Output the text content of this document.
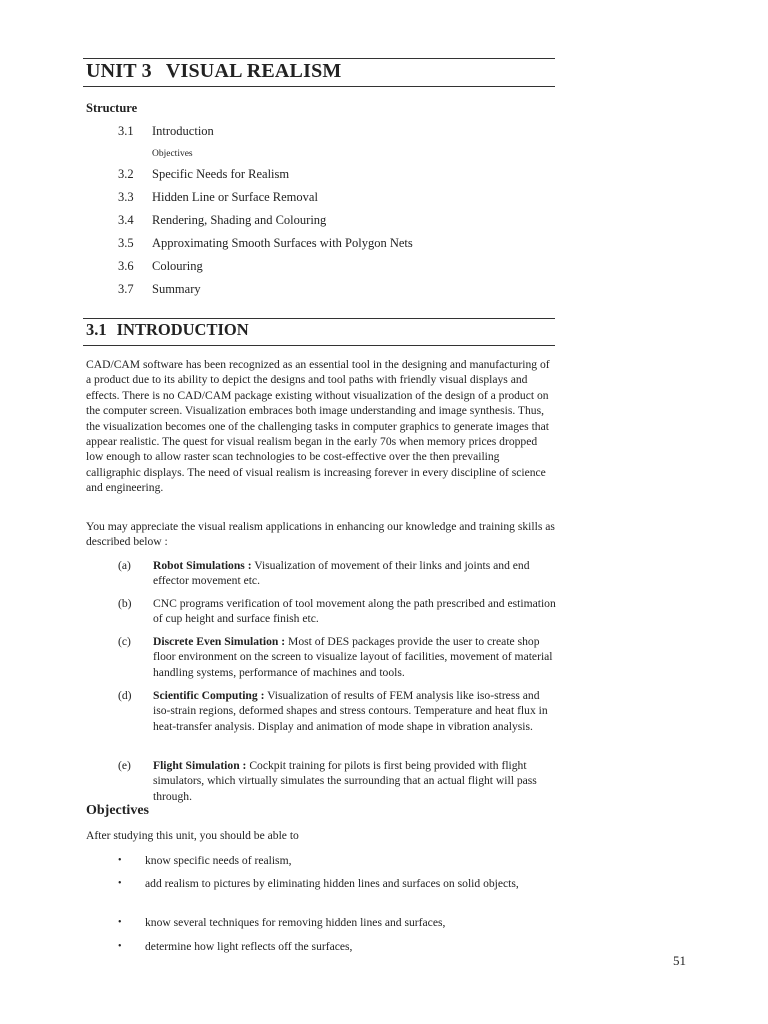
UNIT 3 VISUAL REALISM
Structure
3.1 Introduction
Objectives
3.2 Specific Needs for Realism
3.3 Hidden Line or Surface Removal
3.4 Rendering, Shading and Colouring
3.5 Approximating Smooth Surfaces with Polygon Nets
3.6 Colouring
3.7 Summary
3.1 INTRODUCTION
CAD/CAM software has been recognized as an essential tool in the designing and manufacturing of a product due to its ability to depict the designs and tool paths with friendly visual displays and effects. There is no CAD/CAM package existing without visualization of the design of a product on the computer screen. Visualization embraces both image understanding and image synthesis. Thus, the visualization becomes one of the challenging tasks in computer graphics to generate images that appear realistic. The quest for visual realism began in the early 70s when memory prices dropped low enough to allow raster scan technologies to be cost-effective over the then prevailing calligraphic displays. The need of visual realism is increasing forever in every discipline of science and engineering.
You may appreciate the visual realism applications in enhancing our knowledge and training skills as described below :
(a) Robot Simulations : Visualization of movement of their links and joints and end effector movement etc.
(b) CNC programs verification of tool movement along the path prescribed and estimation of cup height and surface finish etc.
(c) Discrete Even Simulation : Most of DES packages provide the user to create shop floor environment on the screen to visualize layout of facilities, movement of material handling systems, performance of machines and tools.
(d) Scientific Computing : Visualization of results of FEM analysis like iso-stress and iso-strain regions, deformed shapes and stress contours. Temperature and heat flux in heat-transfer analysis. Display and animation of mode shape in vibration analysis.
(e) Flight Simulation : Cockpit training for pilots is first being provided with flight simulators, which virtually simulates the surrounding that an actual flight will pass through.
Objectives
After studying this unit, you should be able to
• know specific needs of realism,
• add realism to pictures by eliminating hidden lines and surfaces on solid objects,
• know several techniques for removing hidden lines and surfaces,
• determine how light reflects off the surfaces,
51
